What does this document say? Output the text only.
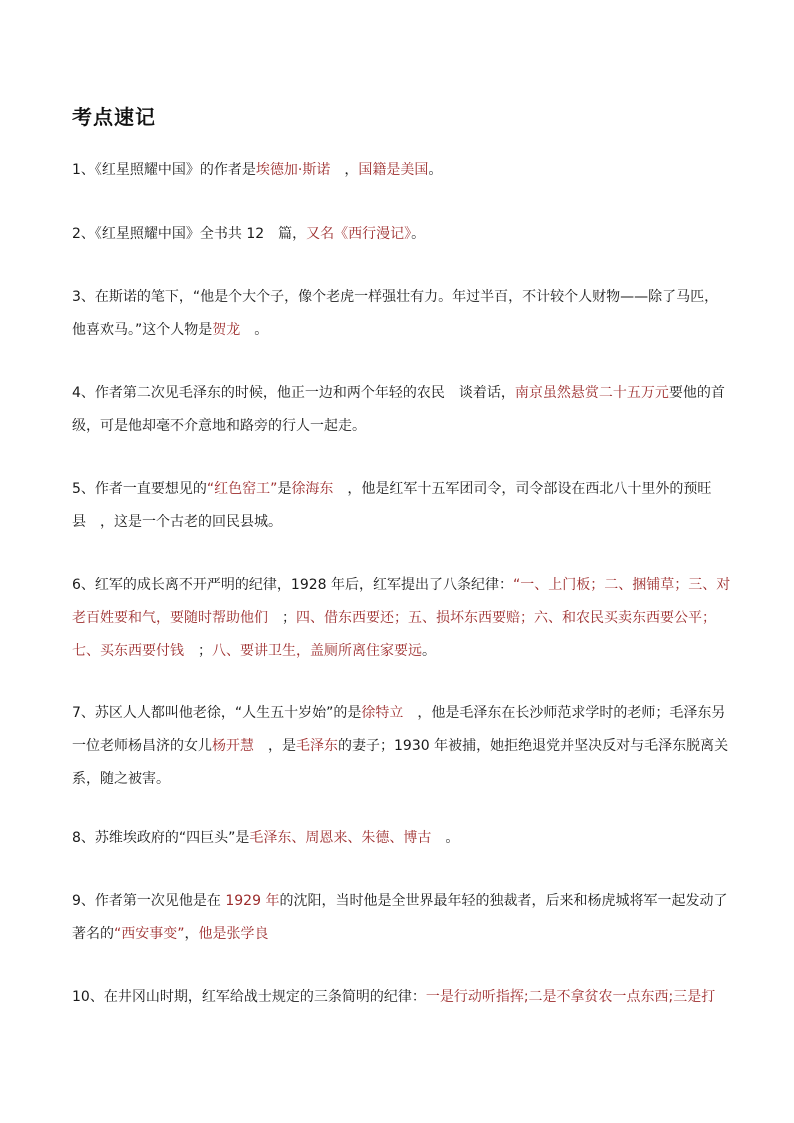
考点速记

1、《红星照耀中国》的作者是埃德加·斯诺　，国籍是美国。

2、《红星照耀中国》全书共 12　篇，又名《西行漫记》。

3、在斯诺的笔下，“他是个大个子，像个老虎一样强壮有力。年过半百，不计较个人财物——除了马匹，他喜欢马。”这个人物是贺龙　。

4、作者第二次见毛泽东的时候，他正一边和两个年轻的农民　谈着话，南京虽然悬赏二十五万元要他的首级，可是他却毫不介意地和路旁的行人一起走。

5、作者一直要想见的“红色窑工”是徐海东　，他是红军十五军团司令，司令部设在西北八十里外的预旺县　，这是一个古老的回民县城。

6、红军的成长离不开严明的纪律，1928 年后，红军提出了八条纪律：“一、上门板；二、捆铺草；三、对老百姓要和气，要随时帮助他们　；四、借东西要还；五、损坏东西要赔；六、和农民买卖东西要公平；七、买东西要付钱　；八、要讲卫生，盖厕所离住家要远。

7、苏区人人都叫他老徐，“人生五十岁始”的是徐特立　，他是毛泽东在长沙师范求学时的老师；毛泽东另一位老师杨昌济的女儿杨开慧　，是毛泽东的妻子；1930 年被捕，她拒绝退党并坚决反对与毛泽东脱离关系，随之被害。

8、苏维埃政府的“四巨头”是毛泽东、周恩来、朱德、博古　。

9、作者第一次见他是在 1929 年的沈阳，当时他是全世界最年轻的独裁者，后来和杨虎城将军一起发动了著名的“西安事变”，他是张学良

10、在井冈山时期，红军给战士规定的三条简明的纪律：一是行动听指挥;二是不拿贫农一点东西;三是打
